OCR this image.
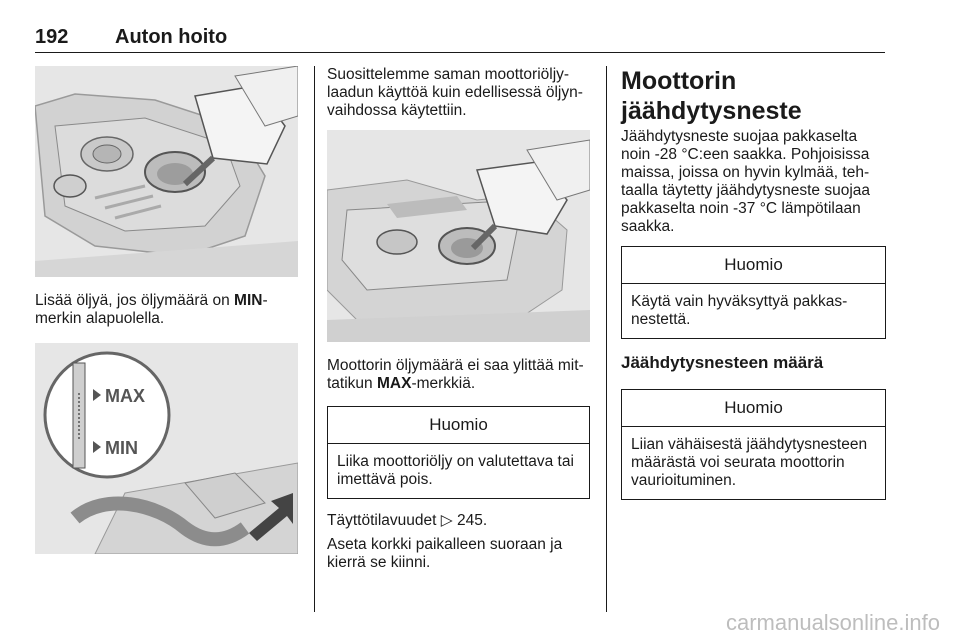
192 Auton hoito

Lisää öljyä, jos öljymäärä on MIN-merkin alapuolella.

MAX
MIN

Suosittelemme saman moottoriöljylaadun käyttöä kuin edellisessä öljynvaihdossa käytettiin.

Moottorin öljymäärä ei saa ylittää mittatikun MAX-merkkiä.

Huomio
Liika moottoriöljy on valutettava tai imettävä pois.

Täyttötilavuudet ▷ 245.

Aseta korkki paikalleen suoraan ja kierrä se kiinni.

Moottorin jäähdytysneste

Jäähdytysneste suojaa pakkaselta noin -28 °C:een saakka. Pohjoisissa maissa, joissa on hyvin kylmää, tehtaalla täytetty jäähdytysneste suojaa pakkaselta noin -37 °C lämpötilaan saakka.

Huomio
Käytä vain hyväksyttyä pakkasnestettä.
Jäähdytysnesteen määrä
Huomio
Liian vähäisestä jäähdytysnesteen määrästä voi seurata moottorin vaurioituminen.
carmanualsonline.info
